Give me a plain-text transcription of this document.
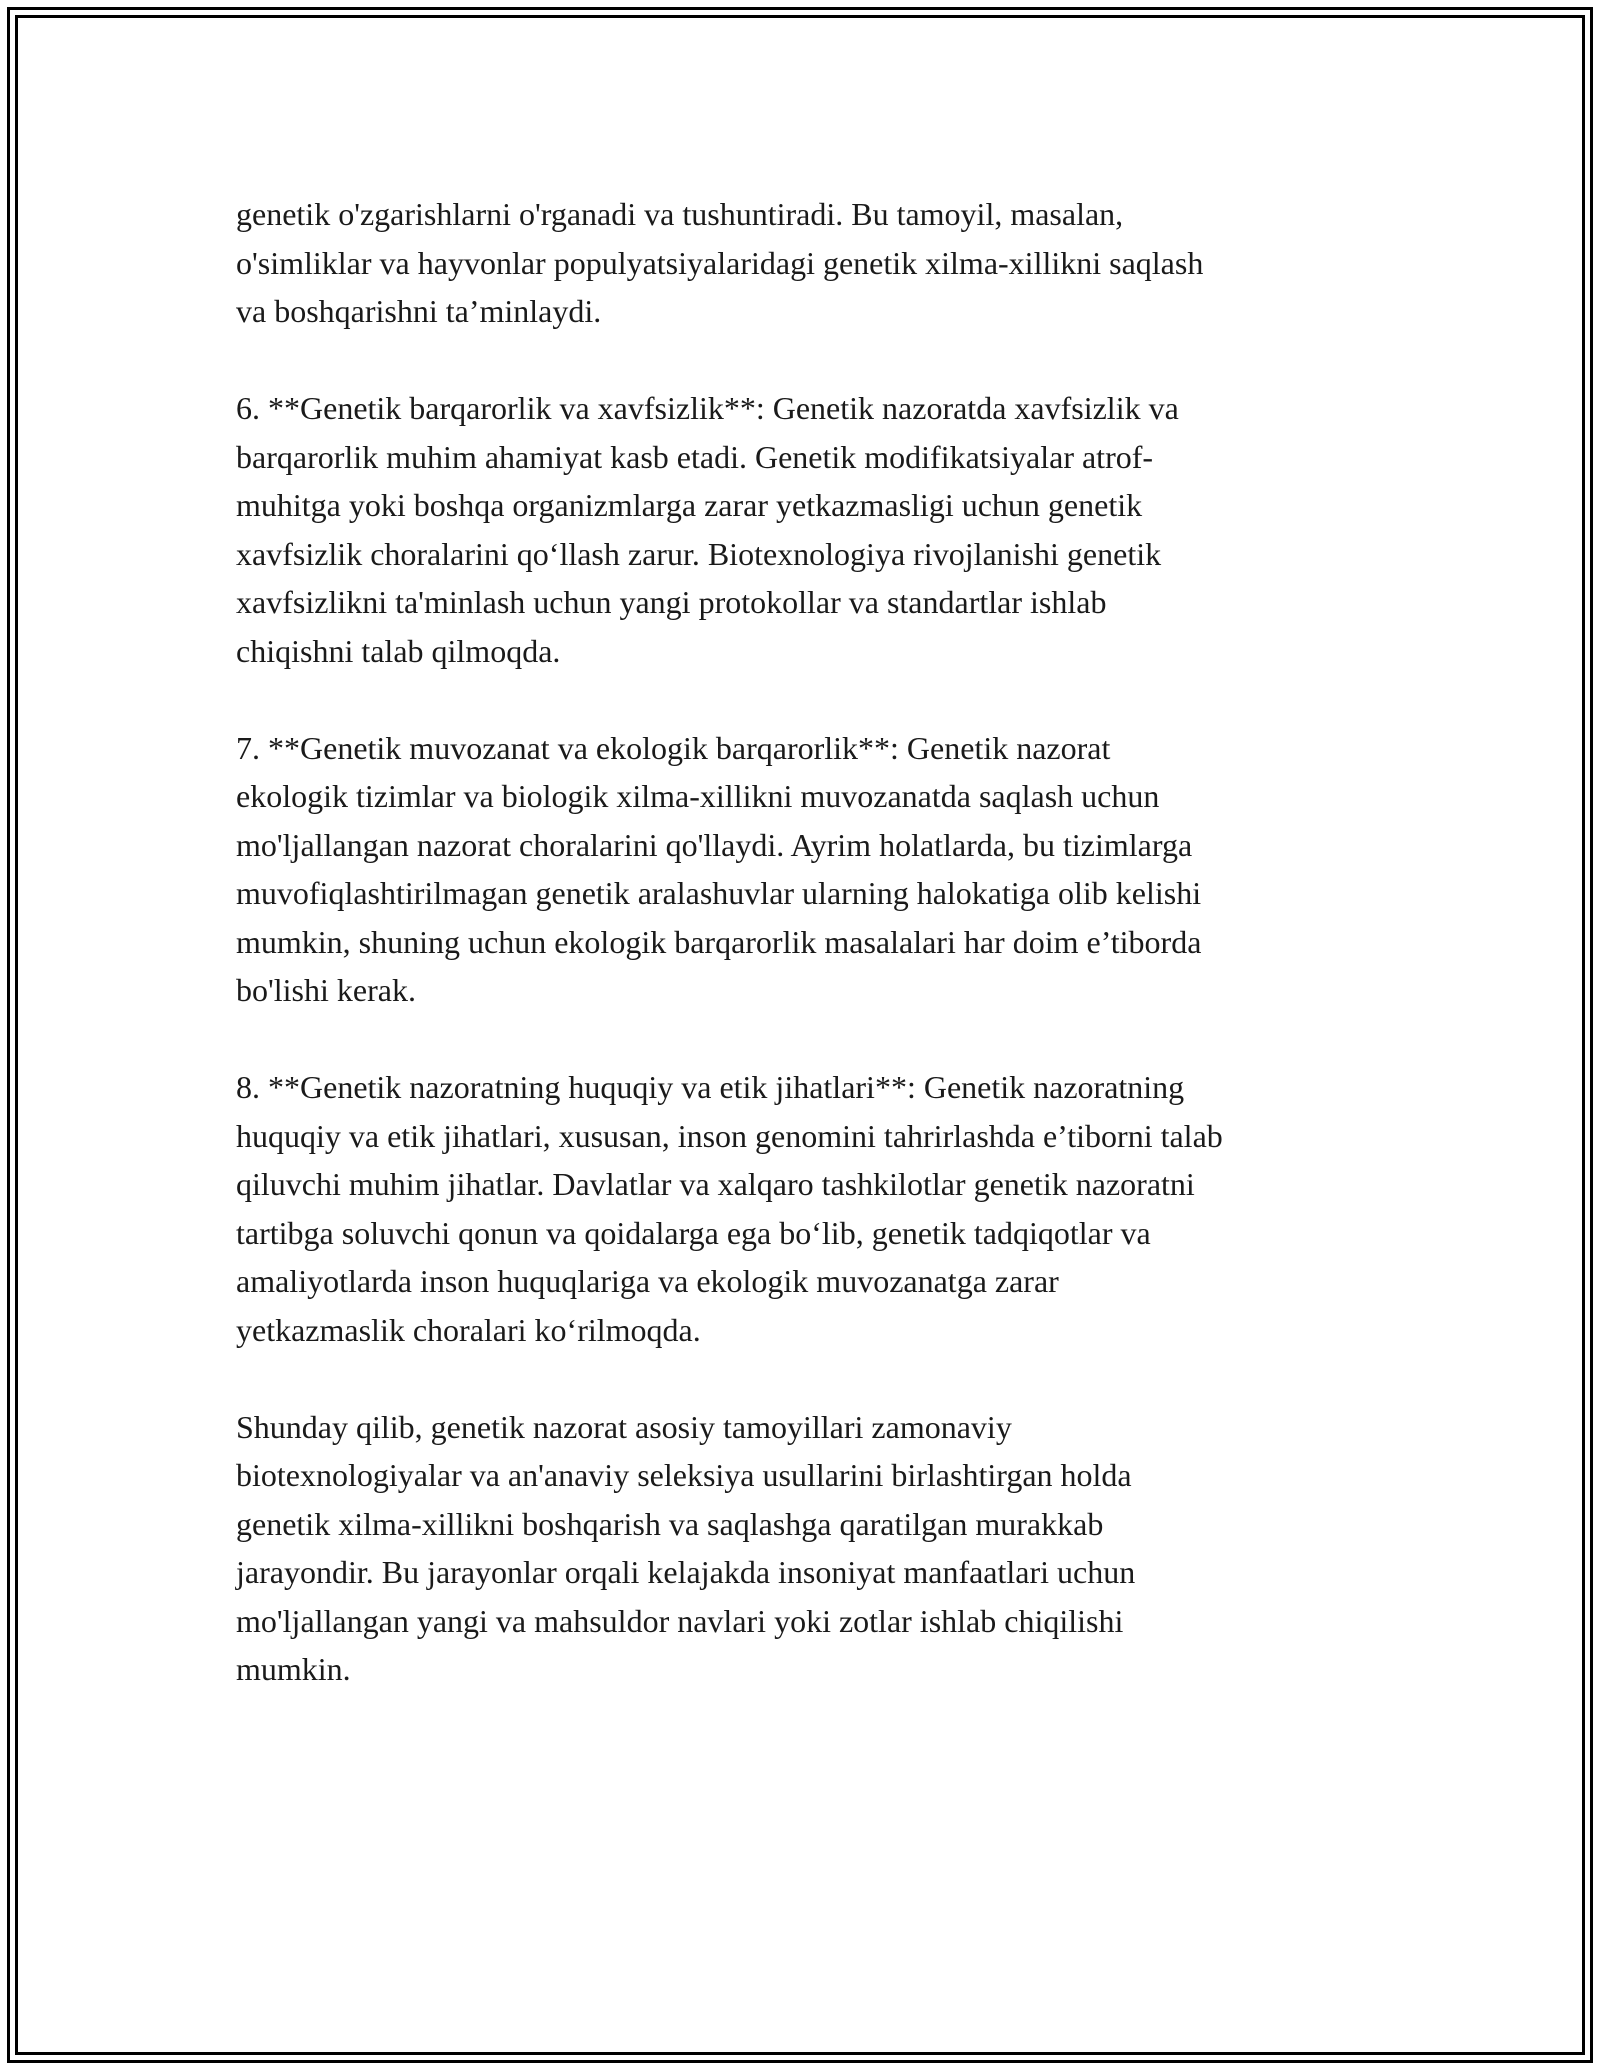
genetik o'zgarishlarni o'rganadi va tushuntiradi. Bu tamoyil, masalan,
o'simliklar va hayvonlar populyatsiyalaridagi genetik xilma-xillikni saqlash
va boshqarishni ta’minlaydi.

6. **Genetik barqarorlik va xavfsizlik**: Genetik nazoratda xavfsizlik va
barqarorlik muhim ahamiyat kasb etadi. Genetik modifikatsiyalar atrof-
muhitga yoki boshqa organizmlarga zarar yetkazmasligi uchun genetik
xavfsizlik choralarini qo‘llash zarur. Biotexnologiya rivojlanishi genetik
xavfsizlikni ta'minlash uchun yangi protokollar va standartlar ishlab
chiqishni talab qilmoqda.

7. **Genetik muvozanat va ekologik barqarorlik**: Genetik nazorat
ekologik tizimlar va biologik xilma-xillikni muvozanatda saqlash uchun
mo'ljallangan nazorat choralarini qo'llaydi. Ayrim holatlarda, bu tizimlarga
muvofiqlashtirilmagan genetik aralashuvlar ularning halokatiga olib kelishi
mumkin, shuning uchun ekologik barqarorlik masalalari har doim e’tiborda
bo'lishi kerak.

8. **Genetik nazoratning huquqiy va etik jihatlari**: Genetik nazoratning
huquqiy va etik jihatlari, xususan, inson genomini tahrirlashda e’tiborni talab
qiluvchi muhim jihatlar. Davlatlar va xalqaro tashkilotlar genetik nazoratni
tartibga soluvchi qonun va qoidalarga ega bo‘lib, genetik tadqiqotlar va
amaliyotlarda inson huquqlariga va ekologik muvozanatga zarar
yetkazmaslik choralari ko‘rilmoqda.

Shunday qilib, genetik nazorat asosiy tamoyillari zamonaviy
biotexnologiyalar va an'anaviy seleksiya usullarini birlashtirgan holda
genetik xilma-xillikni boshqarish va saqlashga qaratilgan murakkab
jarayondir. Bu jarayonlar orqali kelajakda insoniyat manfaatlari uchun
mo'ljallangan yangi va mahsuldor navlari yoki zotlar ishlab chiqilishi
mumkin.
